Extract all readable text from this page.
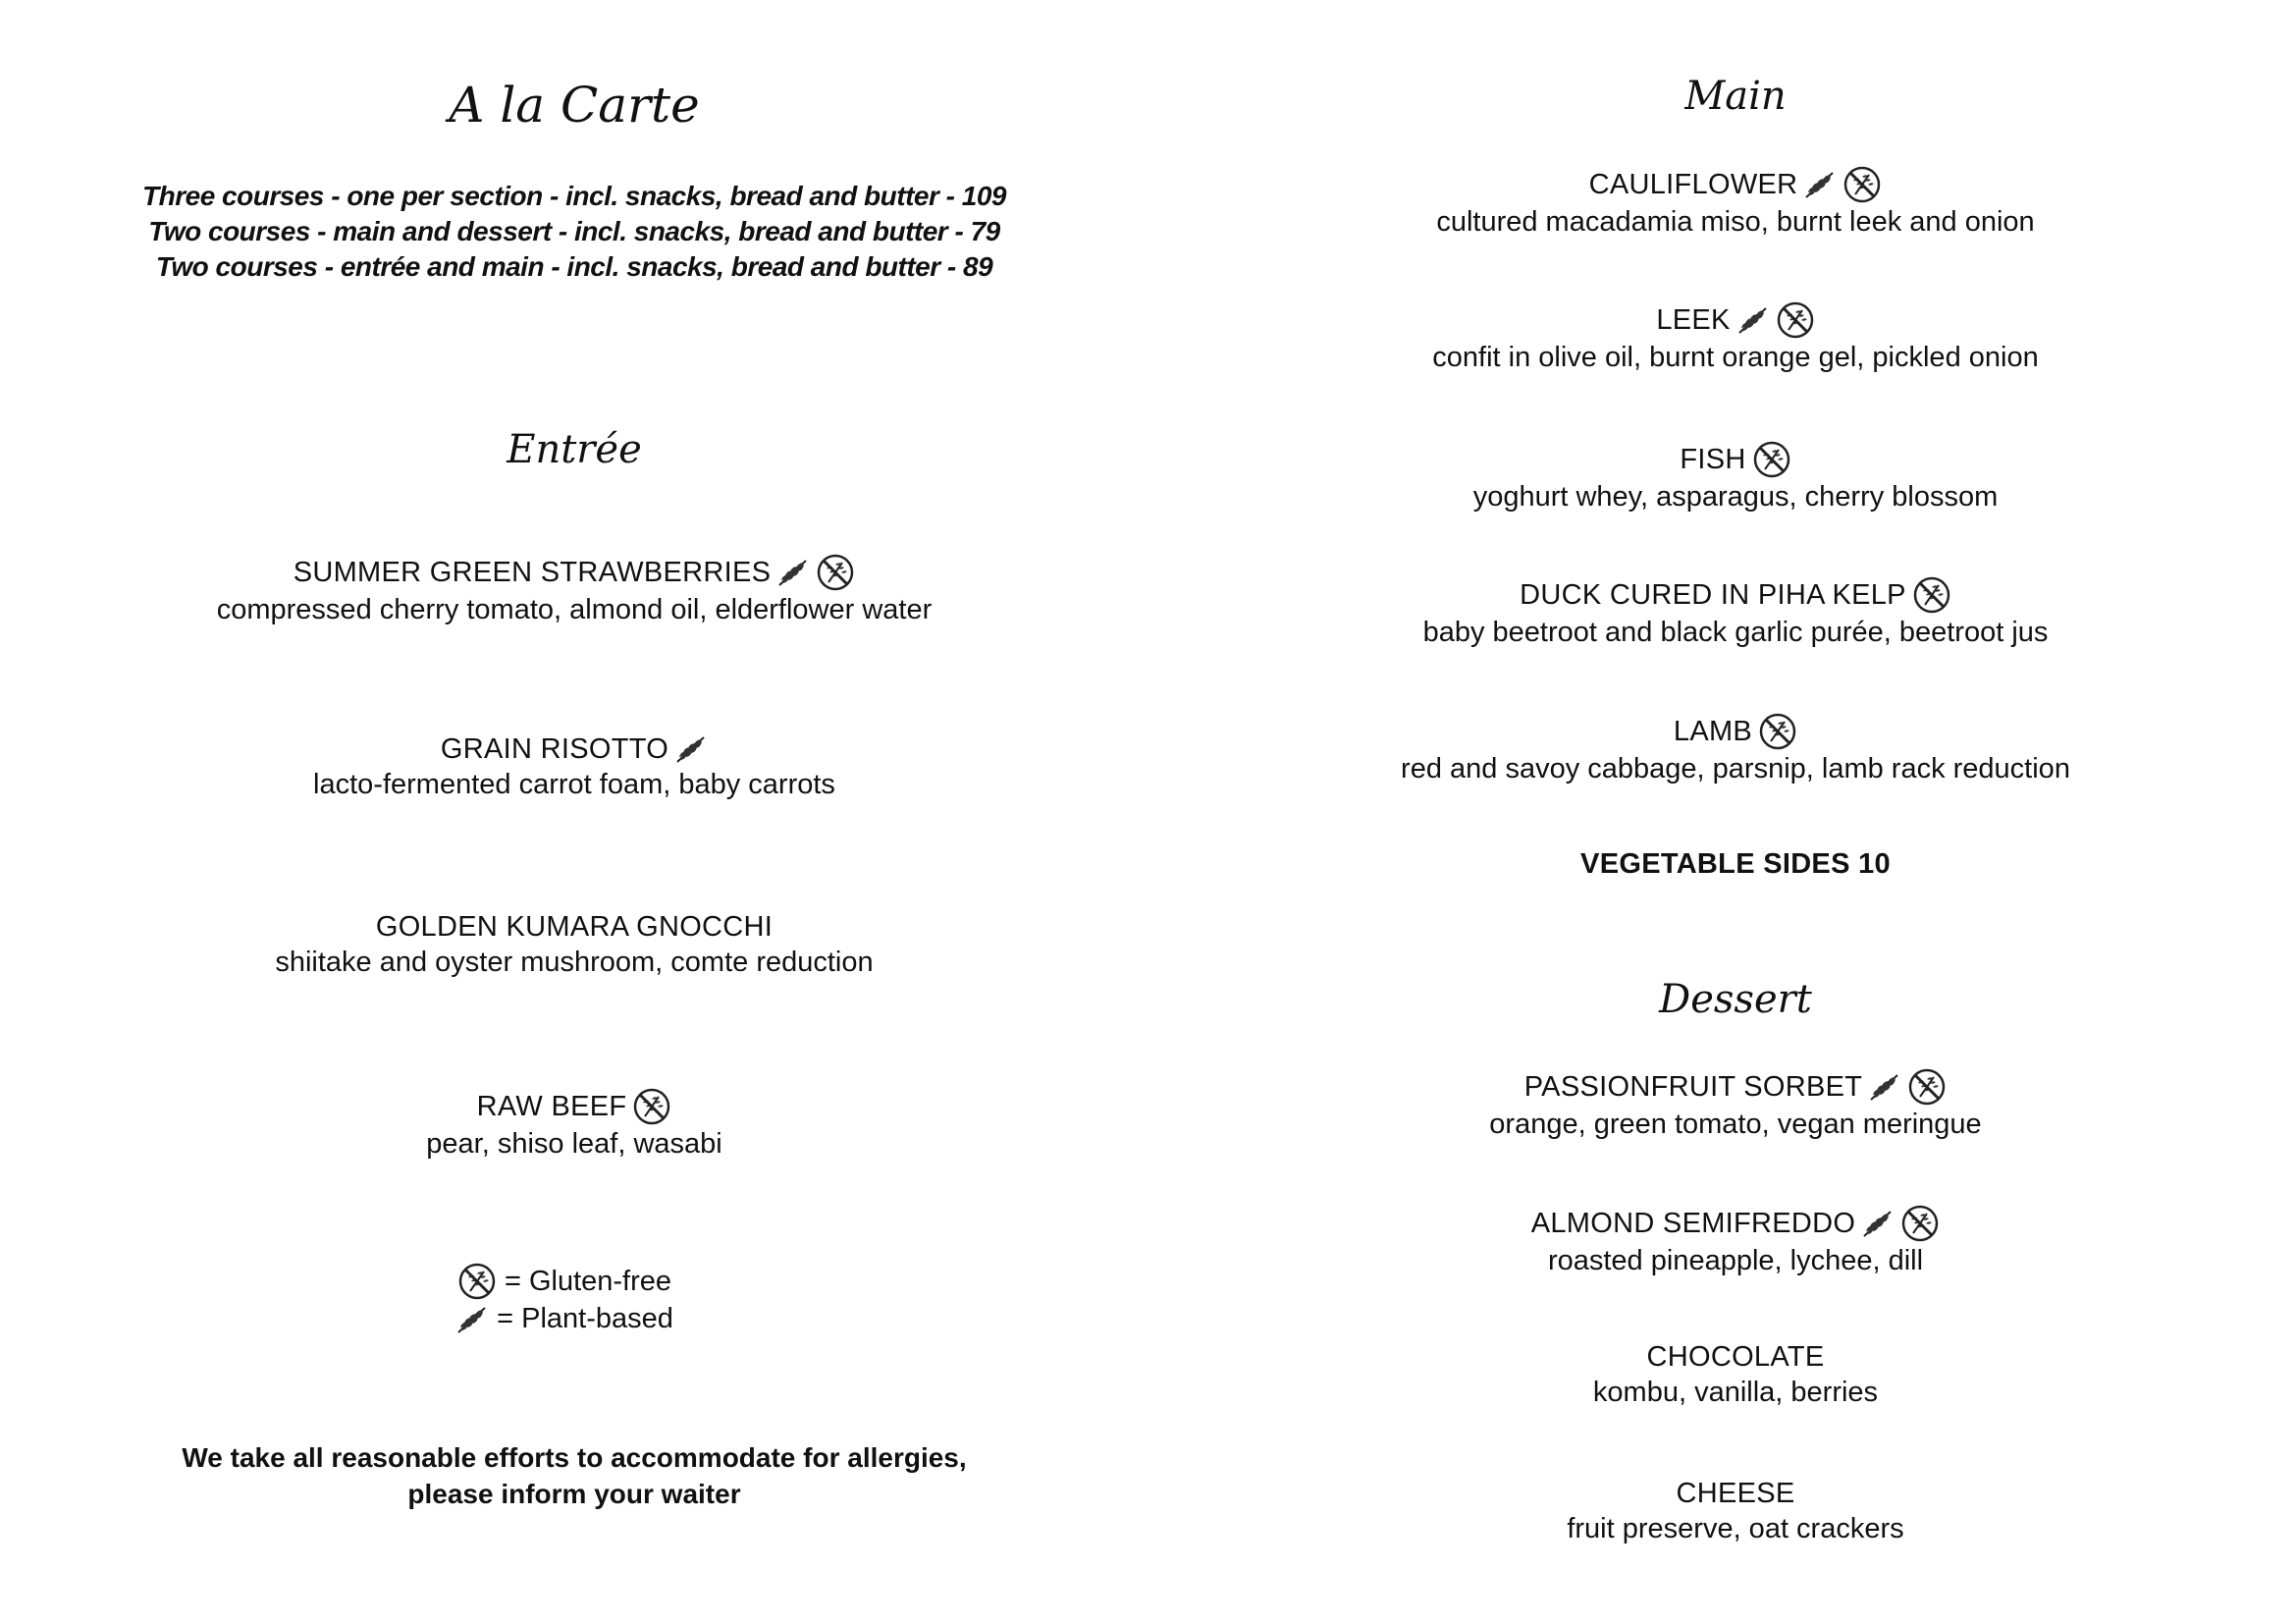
A la Carte
Three courses - one per section - incl. snacks, bread and butter - 109
Two courses - main and dessert - incl. snacks, bread and butter - 79
Two courses - entrée and main - incl. snacks, bread and butter - 89
Entrée
SUMMER GREEN STRAWBERRIES
compressed cherry tomato, almond oil, elderflower water
GRAIN RISOTTO
lacto-fermented carrot foam, baby carrots
GOLDEN KUMARA GNOCCHI
shiitake and oyster mushroom, comte reduction
RAW BEEF
pear, shiso leaf, wasabi
= Gluten-free
= Plant-based
We take all reasonable efforts to accommodate for allergies,
please inform your waiter
Main
CAULIFLOWER
cultured macadamia miso, burnt leek and onion
LEEK
confit in olive oil, burnt orange gel, pickled onion
FISH
yoghurt whey, asparagus, cherry blossom
DUCK CURED IN PIHA KELP
baby beetroot and black garlic purée, beetroot jus
LAMB
red and savoy cabbage, parsnip, lamb rack reduction
VEGETABLE SIDES 10
Dessert
PASSIONFRUIT SORBET
orange, green tomato, vegan meringue
ALMOND SEMIFREDDO
roasted pineapple, lychee, dill
CHOCOLATE
kombu, vanilla, berries
CHEESE
fruit preserve, oat crackers
